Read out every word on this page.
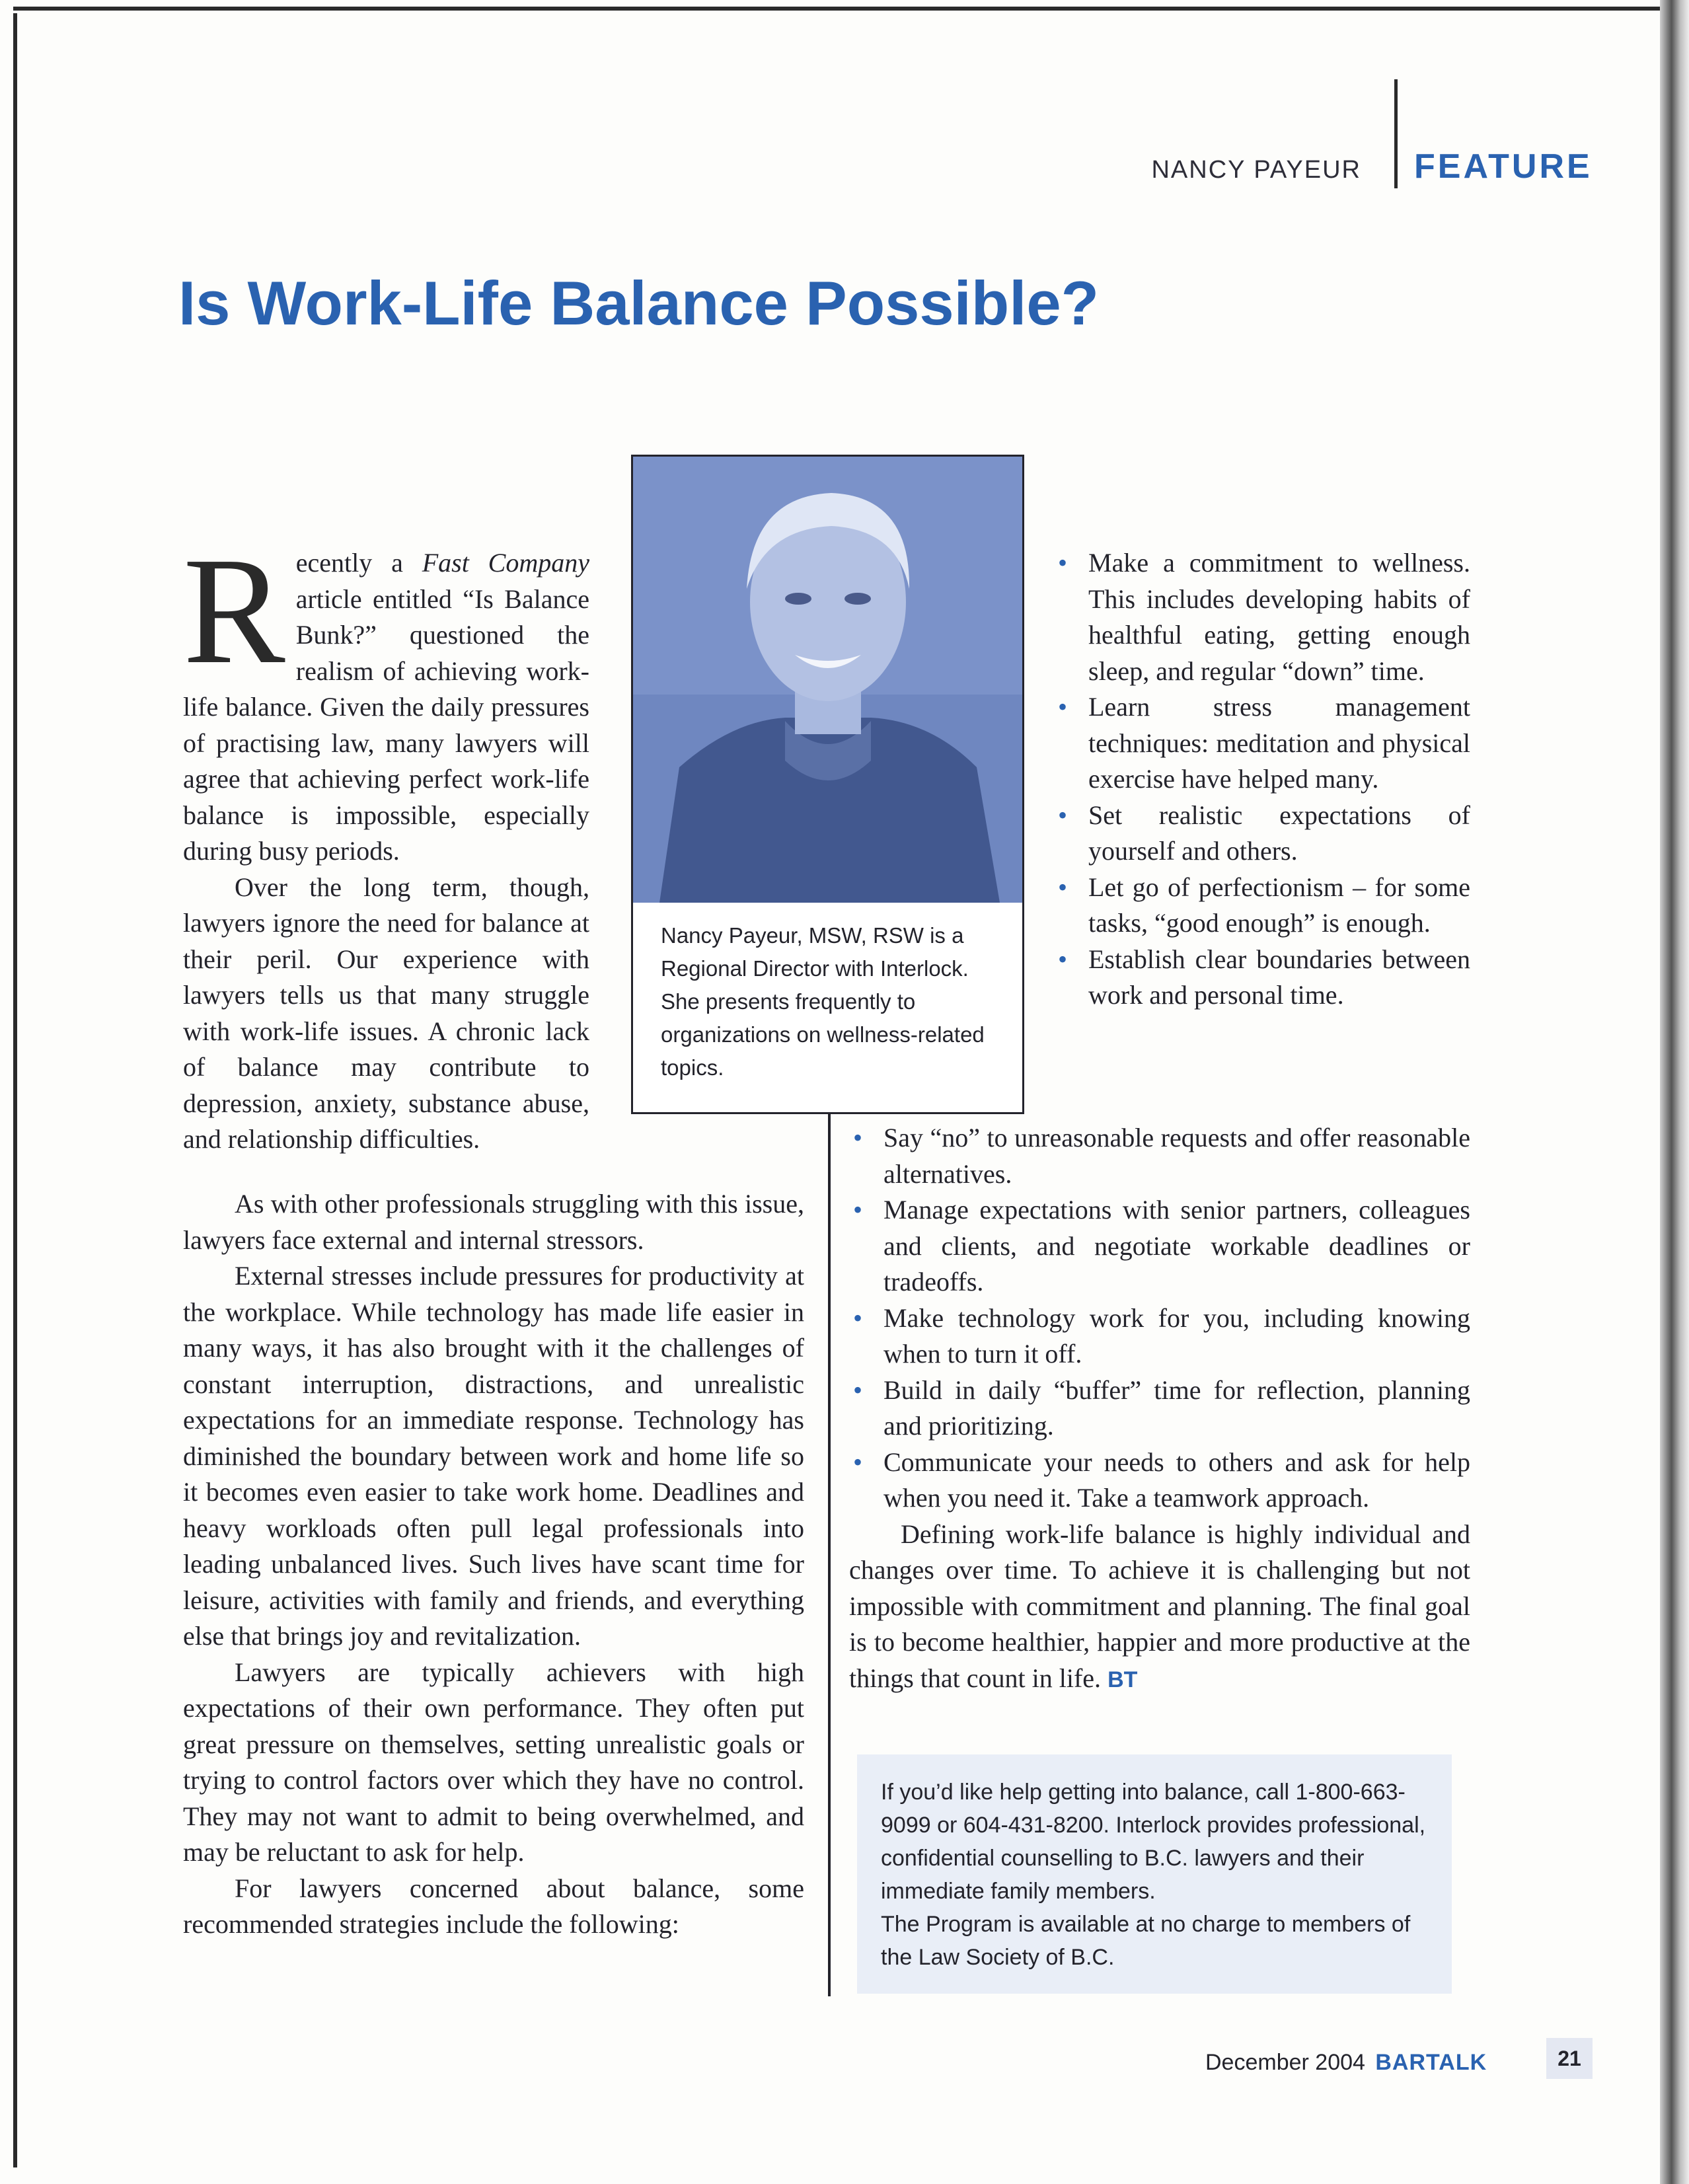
NANCY PAYEUR FEATURE
Is Work-Life Balance Possible?

Recently a Fast Company article entitled “Is Balance Bunk?” questioned the realism of achieving work-life balance. Given the daily pressures of practising law, many lawyers will agree that achieving perfect work-life balance is impossible, especially during busy periods.

Over the long term, though, lawyers ignore the need for balance at their peril. Our experience with lawyers tells us that many struggle with work-life issues. A chronic lack of balance may contribute to depression, anxiety, substance abuse, and relationship difficulties.

As with other professionals struggling with this issue, lawyers face external and internal stressors.

External stresses include pressures for productivity at the workplace. While technology has made life easier in many ways, it has also brought with it the challenges of constant interruption, distractions, and unrealistic expectations for an immediate response. Technology has diminished the boundary between work and home life so it becomes even easier to take work home. Deadlines and heavy workloads often pull legal professionals into leading unbalanced lives. Such lives have scant time for leisure, activities with family and friends, and everything else that brings joy and revitalization.

Lawyers are typically achievers with high expectations of their own performance. They often put great pressure on themselves, setting unrealistic goals or trying to control factors over which they have no control. They may not want to admit to being overwhelmed, and may be reluctant to ask for help.

For lawyers concerned about balance, some recommended strategies include the following:

Nancy Payeur, MSW, RSW is a Regional Director with Interlock. She presents frequently to organizations on wellness-related topics.
• Make a commitment to wellness. This includes developing habits of healthful eating, getting enough sleep, and regular “down” time.
• Learn stress management techniques: meditation and physical exercise have helped many.
• Set realistic expectations of yourself and others.
• Let go of perfectionism – for some tasks, “good enough” is enough.
• Establish clear boundaries between work and personal time.
• Say “no” to unreasonable requests and offer reasonable alternatives.
• Manage expectations with senior partners, colleagues and clients, and negotiate workable deadlines or tradeoffs.
• Make technology work for you, including knowing when to turn it off.
• Build in daily “buffer” time for reflection, planning and prioritizing.
• Communicate your needs to others and ask for help when you need it. Take a teamwork approach.

Defining work-life balance is highly individual and changes over time. To achieve it is challenging but not impossible with commitment and planning. The final goal is to become healthier, happier and more productive at the things that count in life. BT

If you’d like help getting into balance, call 1-800-663-9099 or 604-431-8200. Interlock provides professional, confidential counselling to B.C. lawyers and their immediate family members.
The Program is available at no charge to members of the Law Society of B.C.
December 2004 BARTALK	21
